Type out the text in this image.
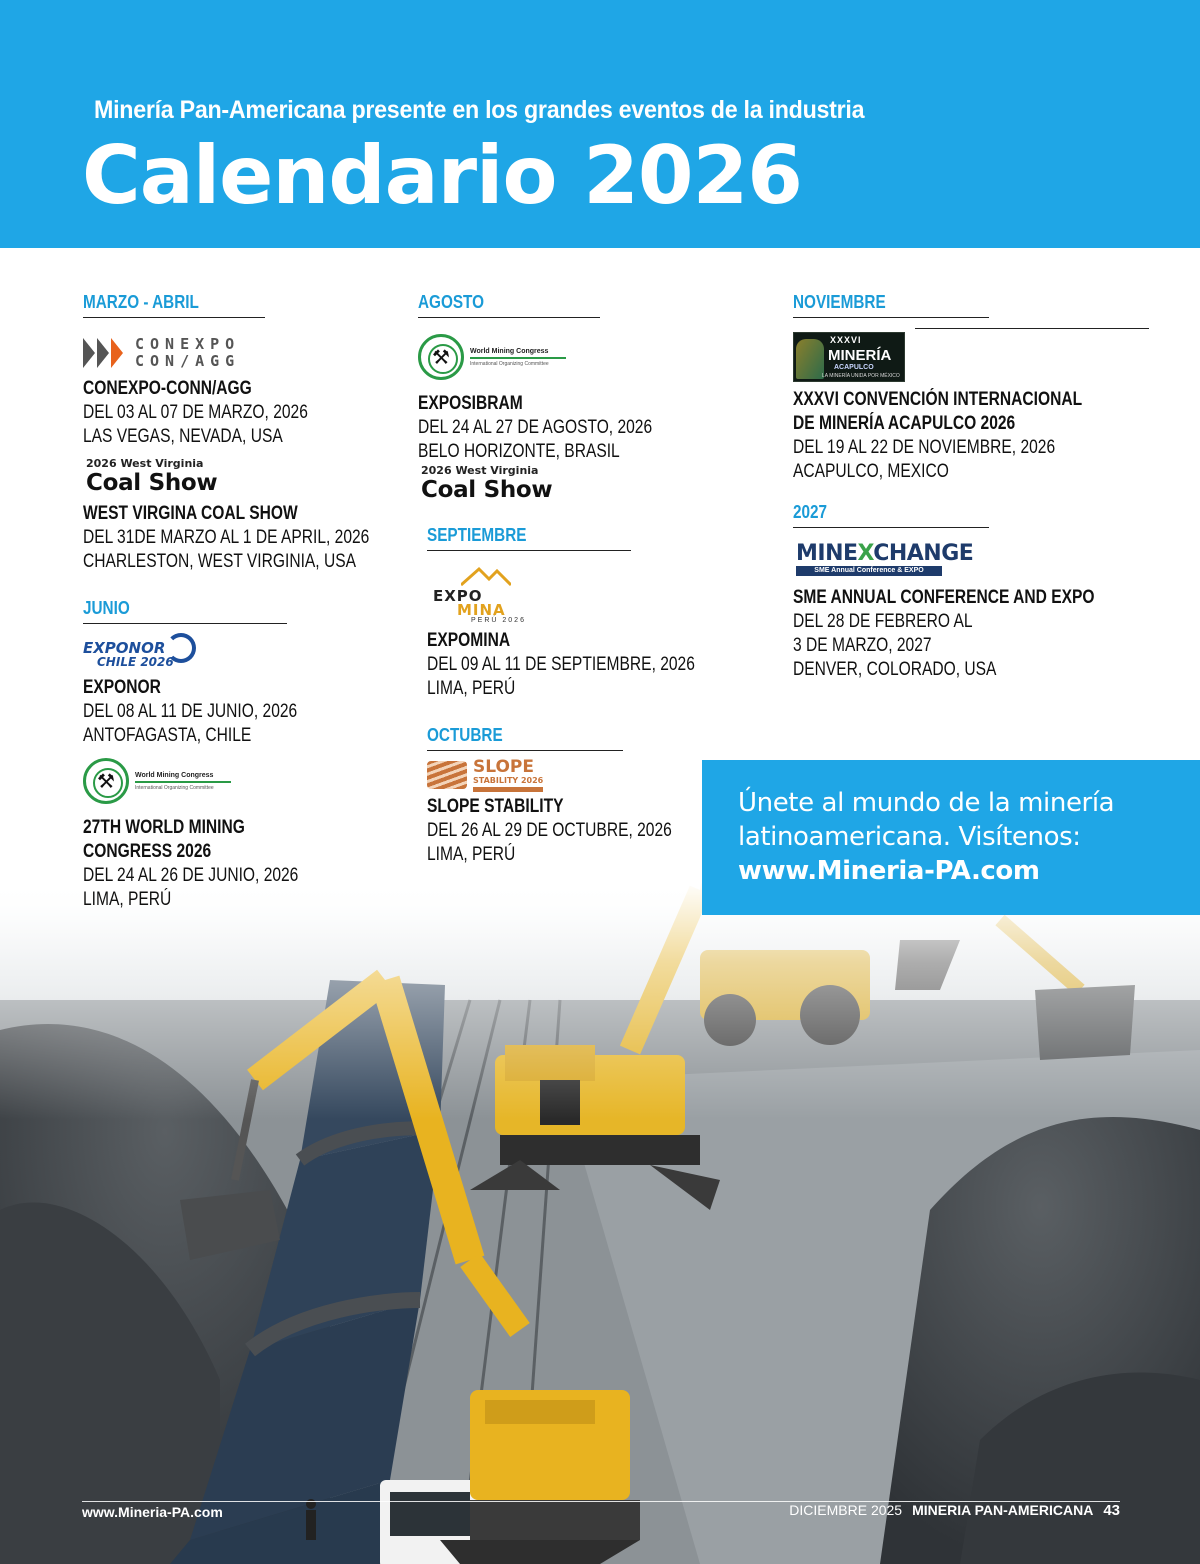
Minería Pan-Americana presente en los grandes eventos de la industria
Calendario 2026
MARZO - ABRIL
CONEXPO
CON/AGG
CONEXPO-CONN/AGG
DEL 03 AL 07 DE MARZO, 2026
LAS VEGAS, NEVADA, USA
2026 West Virginia
Coal Show
WEST VIRGINA COAL SHOW
DEL 31DE MARZO AL 1 DE APRIL, 2026
CHARLESTON, WEST VIRGINIA, USA
JUNIO
EXPONOR
CHILE 2026
EXPONOR
DEL 08 AL 11 DE JUNIO, 2026
ANTOFAGASTA, CHILE
⚒	World Mining Congress
International Organizing Committee
27TH WORLD MINING
CONGRESS 2026
DEL 24 AL 26 DE JUNIO, 2026
LIMA, PERÚ
AGOSTO
⚒	World Mining Congress
International Organizing Committee
EXPOSIBRAM
DEL 24 AL 27 DE AGOSTO, 2026
BELO HORIZONTE, BRASIL
2026 West Virginia
Coal Show
SEPTIEMBRE
EXPO
MINA
PERÚ 2026
EXPOMINA
DEL 09 AL 11 DE SEPTIEMBRE, 2026
LIMA, PERÚ
OCTUBRE
SLOPE
STABILITY 2026
SLOPE STABILITY
DEL 26 AL 29 DE OCTUBRE, 2026
LIMA, PERÚ
NOVIEMBRE
XXXVI
MINERÍA
ACAPULCO
LA MINERÍA UNIDA POR MÉXICO
XXXVI CONVENCIÓN INTERNACIONAL
DE MINERÍA ACAPULCO 2026
DEL 19 AL 22 DE NOVIEMBRE, 2026
ACAPULCO, MEXICO
2027
MINEXCHANGE
SME Annual Conference & EXPO
SME ANNUAL CONFERENCE AND EXPO
DEL 28 DE FEBRERO AL
3 DE MARZO, 2027
DENVER, COLORADO, USA
Únete al mundo de la minería
latinoamericana. Visítenos:
www.Mineria-PA.com
www.Mineria-PA.com	DICIEMBRE 2025 MINERIA PAN-AMERICANA 43
